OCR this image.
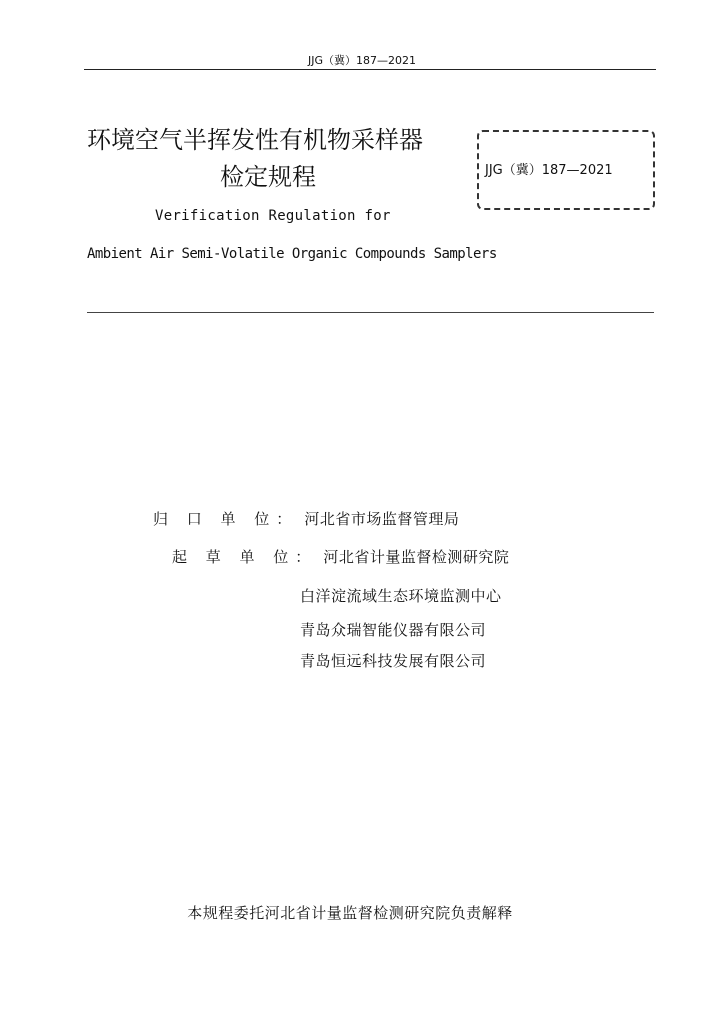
JJG（冀）187—2021
环境空气半挥发性有机物采样器
检定规程	JJG（冀）187—2021
Verification Regulation for
Ambient Air Semi-Volatile Organic Compounds Samplers
归 口 单 位： 河北省市场监督管理局
起 草 单 位： 河北省计量监督检测研究院
白洋淀流域生态环境监测中心
青岛众瑞智能仪器有限公司
青岛恒远科技发展有限公司
本规程委托河北省计量监督检测研究院负责解释
